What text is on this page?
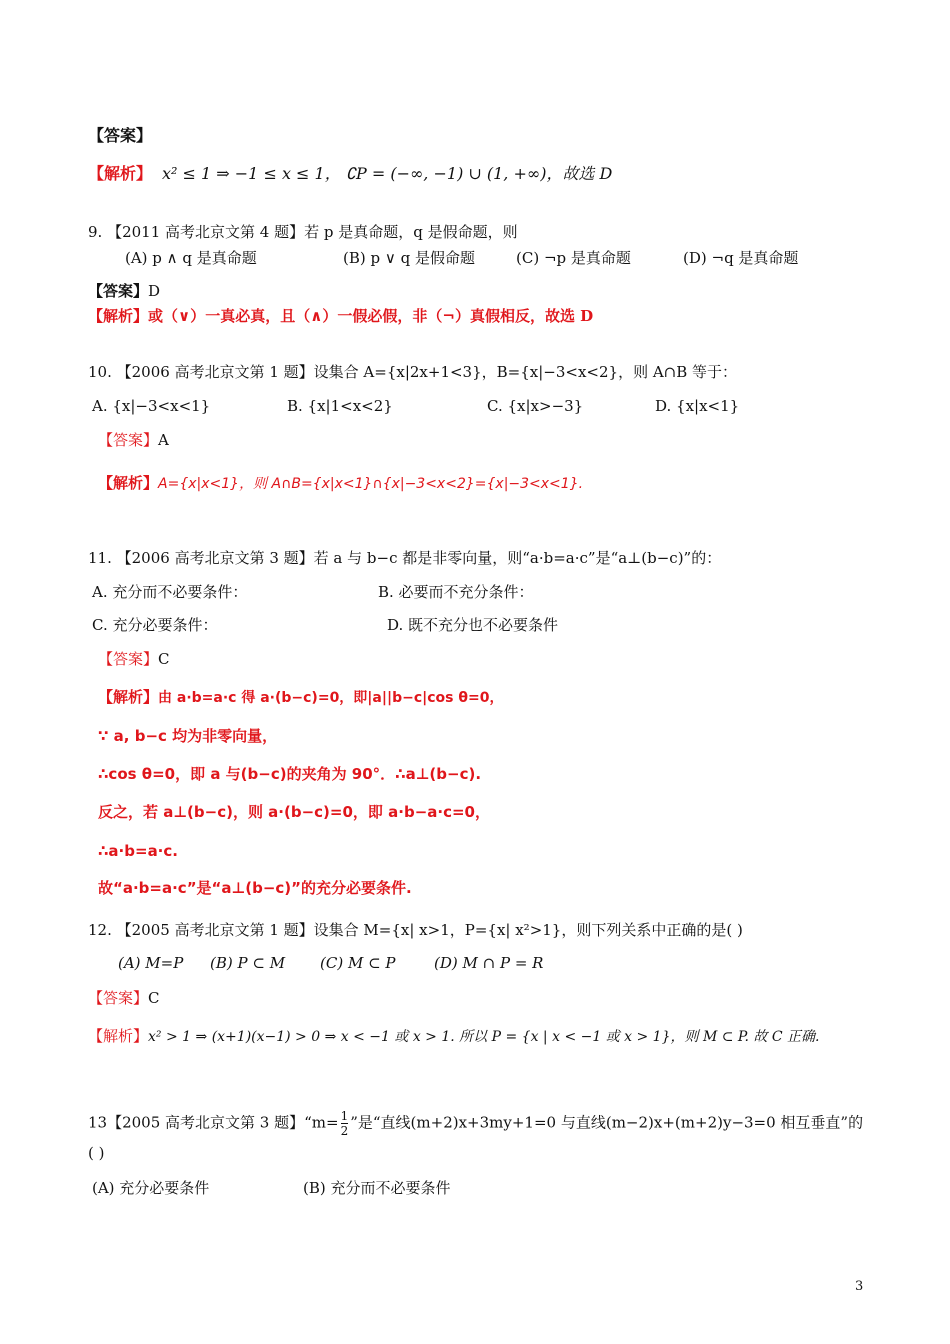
【答案】
【解析】 x² ≤ 1 ⇒ −1 ≤ x ≤ 1， ∁P = (−∞, −1) ∪ (1, +∞)，故选 D
9. 【2011 高考北京文第 4 题】若 p 是真命题，q 是假命题，则
(A) p ∧ q 是真命题	(B) p ∨ q 是假命题	(C) ¬p 是真命题	(D) ¬q 是真命题
【答案】D
【解析】或（∨）一真必真，且（∧）一假必假，非（¬）真假相反，故选 D
10. 【2006 高考北京文第 1 题】设集合 A={x|2x+1<3}，B={x|−3<x<2}，则 A∩B 等于：
A. {x|−3<x<1}	B. {x|1<x<2}	C. {x|x>−3}	D. {x|x<1}
【答案】A
【解析】A={x|x<1}，则 A∩B={x|x<1}∩{x|−3<x<2}={x|−3<x<1}.
11. 【2006 高考北京文第 3 题】若 a 与 b−c 都是非零向量，则“a·b=a·c”是“a⊥(b−c)”的：
A. 充分而不必要条件：	B. 必要而不充分条件：
C. 充分必要条件：	D. 既不充分也不必要条件
【答案】C
【解析】由 a·b=a·c 得 a·(b−c)=0，即|a||b−c|cos θ=0，
∵ a, b−c 均为非零向量，
∴cos θ=0，即 a 与(b−c)的夹角为 90°．∴a⊥(b−c).
反之，若 a⊥(b−c)，则 a·(b−c)=0，即 a·b−a·c=0，
∴a·b=a·c.
故“a·b=a·c”是“a⊥(b−c)”的充分必要条件.
12. 【2005 高考北京文第 1 题】设集合 M={x| x>1，P={x| x²>1}，则下列关系中正确的是( )
(A) M=P (B) P ⊂ M (C) M ⊂ P	(D) M ∩ P = R
【答案】C
【解析】x² > 1 ⇒ (x+1)(x−1) > 0 ⇒ x < −1 或 x > 1. 所以 P = {x | x < −1 或 x > 1}，则 M ⊂ P. 故 C 正确.
13【2005 高考北京文第 3 题】“$m= \frac{1}{2}$ ”是“直线(m+2)x+3my+1=0 与直线(m−2)x+(m+2)y−3=0 相互垂直”的
( )
(A) 充分必要条件	(B) 充分而不必要条件
3
